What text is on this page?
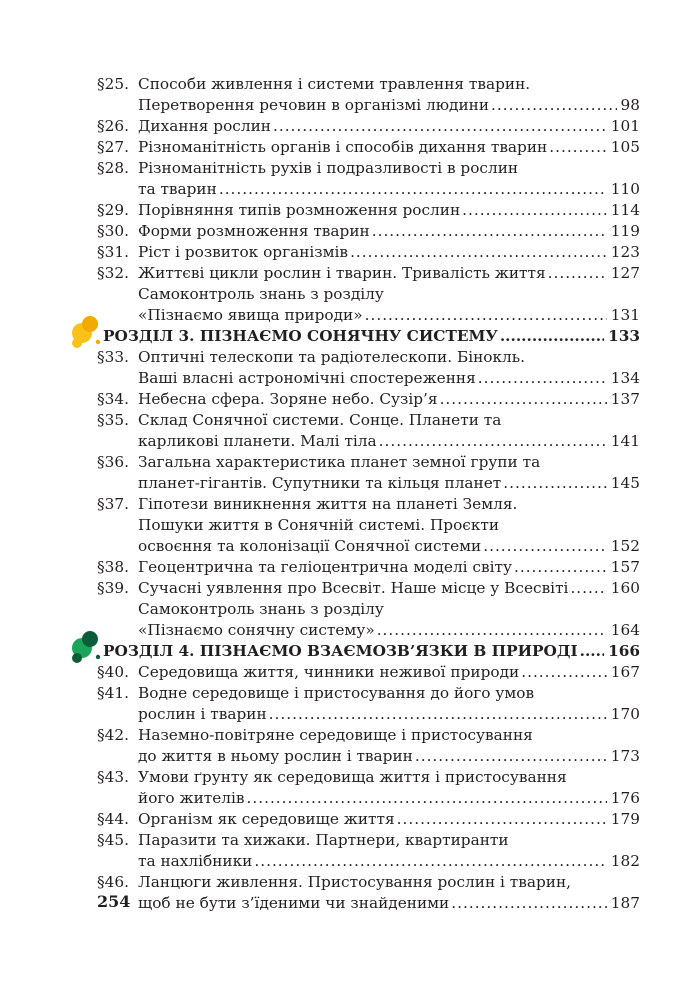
§25. Способи живлення і системи травлення тварин.
Перетворення речовин в організмі людини .....	98
§26. Дихання рослин .....	101
§27. Різноманітність органів і способів дихання тварин .....	105
§28. Різноманітність рухів і подразливості в рослин
та тварин .....	110
§29. Порівняння типів розмноження рослин .....	114
§30. Форми розмноження тварин .....	119
§31. Ріст і розвиток організмів .....	123
§32. Життєві цикли рослин і тварин. Тривалість життя .....	127
Самоконтроль знань з розділу
«Пізнаємо явища природи» .....	131
РОЗДІЛ 3. ПІЗНАЄМО СОНЯЧНУ СИСТЕМУ .....	133
§33. Оптичні телескопи та радіотелескопи. Бінокль.
Ваші власні астрономічні спостереження .....	134
§34. Небесна сфера. Зоряне небо. Сузір’я .....	137
§35. Склад Сонячної системи. Сонце. Планети та
карликові планети. Малі тіла .....	141
§36. Загальна характеристика планет земної групи та
планет-гігантів. Супутники та кільця планет .....	145
§37. Гіпотези виникнення життя на планеті Земля.
Пошуки життя в Сонячній системі. Проєкти
освоєння та колонізації Сонячної системи .....	152
§38. Геоцентрична та геліоцентрична моделі світу .....	157
§39. Сучасні уявлення про Всесвіт. Наше місце у Всесвіті .....	160
Самоконтроль знань з розділу
«Пізнаємо сонячну систему» .....	164
РОЗДІЛ 4. ПІЗНАЄМО ВЗАЄМОЗВ’ЯЗКИ В ПРИРОДІ ..... 166
§40. Середовища життя, чинники неживої природи .....	167
§41. Водне середовище і пристосування до його умов
рослин і тварин .....	170
§42. Наземно-повітряне середовище і пристосування
до життя в ньому рослин і тварин .....	173
§43. Умови ґрунту як середовища життя і пристосування
його жителів .....	176
§44. Організм як середовище життя .....	179
§45. Паразити та хижаки. Партнери, квартиранти
та нахлібники .....	182
§46. Ланцюги живлення. Пристосування рослин і тварин,
щоб не бути з’їденими чи знайденими .....	187
254
